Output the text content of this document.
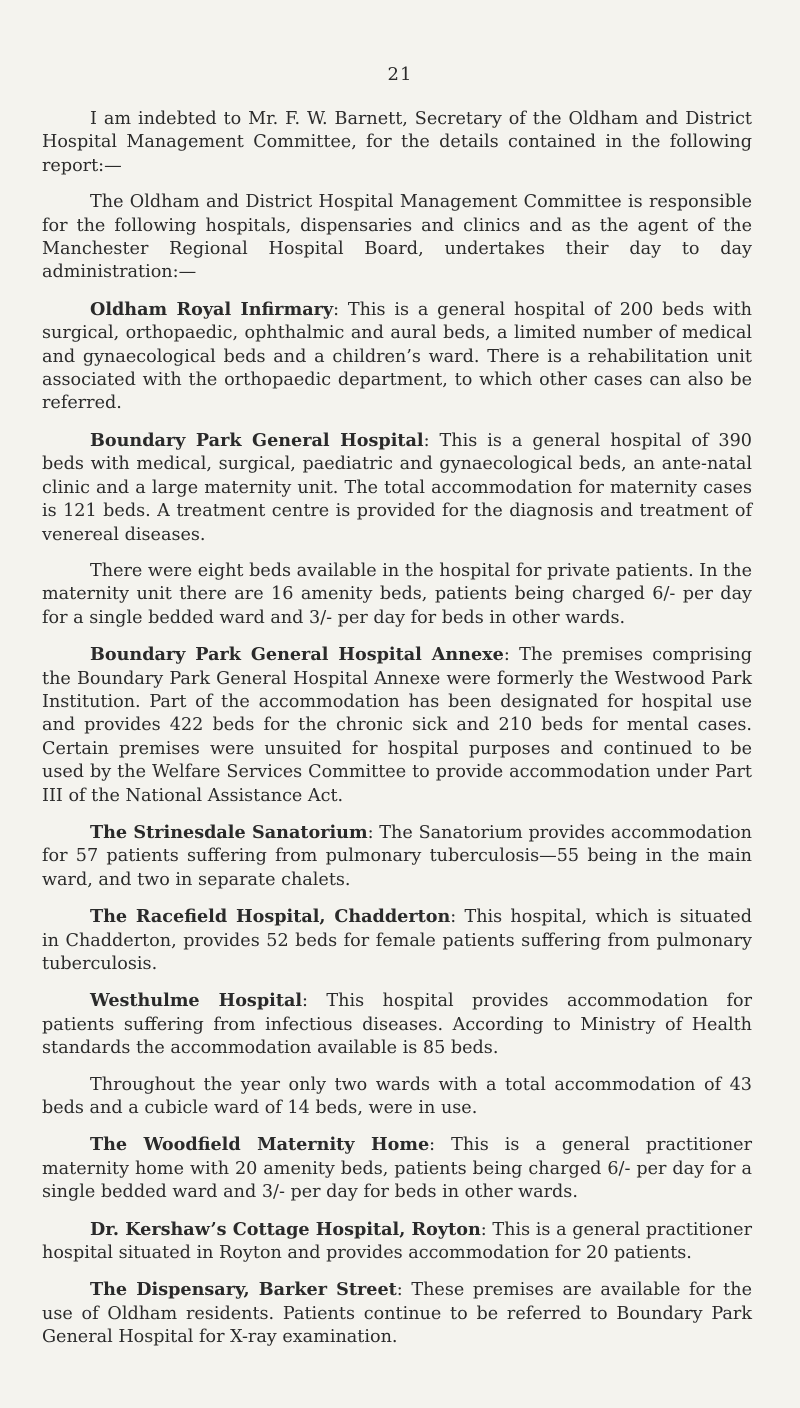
21

I am indebted to Mr. F. W. Barnett, Secretary of the Oldham and District Hospital Management Committee, for the details contained in the following report:—

The Oldham and District Hospital Management Committee is responsible for the following hospitals, dispensaries and clinics and as the agent of the Manchester Regional Hospital Board, undertakes their day to day administration:—

Oldham Royal Infirmary: This is a general hospital of 200 beds with surgical, orthopaedic, ophthalmic and aural beds, a limited number of medical and gynaecological beds and a children’s ward. There is a rehabilitation unit associated with the orthopaedic department, to which other cases can also be referred.

Boundary Park General Hospital: This is a general hospital of 390 beds with medical, surgical, paediatric and gynaecological beds, an ante-natal clinic and a large maternity unit. The total accommodation for maternity cases is 121 beds. A treatment centre is provided for the diagnosis and treatment of venereal diseases.

There were eight beds available in the hospital for private patients. In the maternity unit there are 16 amenity beds, patients being charged 6/- per day for a single bedded ward and 3/- per day for beds in other wards.

Boundary Park General Hospital Annexe: The premises comprising the Boundary Park General Hospital Annexe were formerly the Westwood Park Institution. Part of the accommodation has been designated for hospital use and provides 422 beds for the chronic sick and 210 beds for mental cases. Certain premises were unsuited for hospital purposes and continued to be used by the Welfare Services Committee to provide accommodation under Part III of the National Assistance Act.

The Strinesdale Sanatorium: The Sanatorium provides accommodation for 57 patients suffering from pulmonary tuberculosis—55 being in the main ward, and two in separate chalets.

The Racefield Hospital, Chadderton: This hospital, which is situated in Chadderton, provides 52 beds for female patients suffering from pulmonary tuberculosis.

Westhulme Hospital: This hospital provides accommodation for patients suffering from infectious diseases. According to Ministry of Health standards the accommodation available is 85 beds.

Throughout the year only two wards with a total accommodation of 43 beds and a cubicle ward of 14 beds, were in use.

The Woodfield Maternity Home: This is a general practitioner maternity home with 20 amenity beds, patients being charged 6/- per day for a single bedded ward and 3/- per day for beds in other wards.

Dr. Kershaw’s Cottage Hospital, Royton: This is a general practitioner hospital situated in Royton and provides accommodation for 20 patients.

The Dispensary, Barker Street: These premises are available for the use of Oldham residents. Patients continue to be referred to Boundary Park General Hospital for X-ray examination.
